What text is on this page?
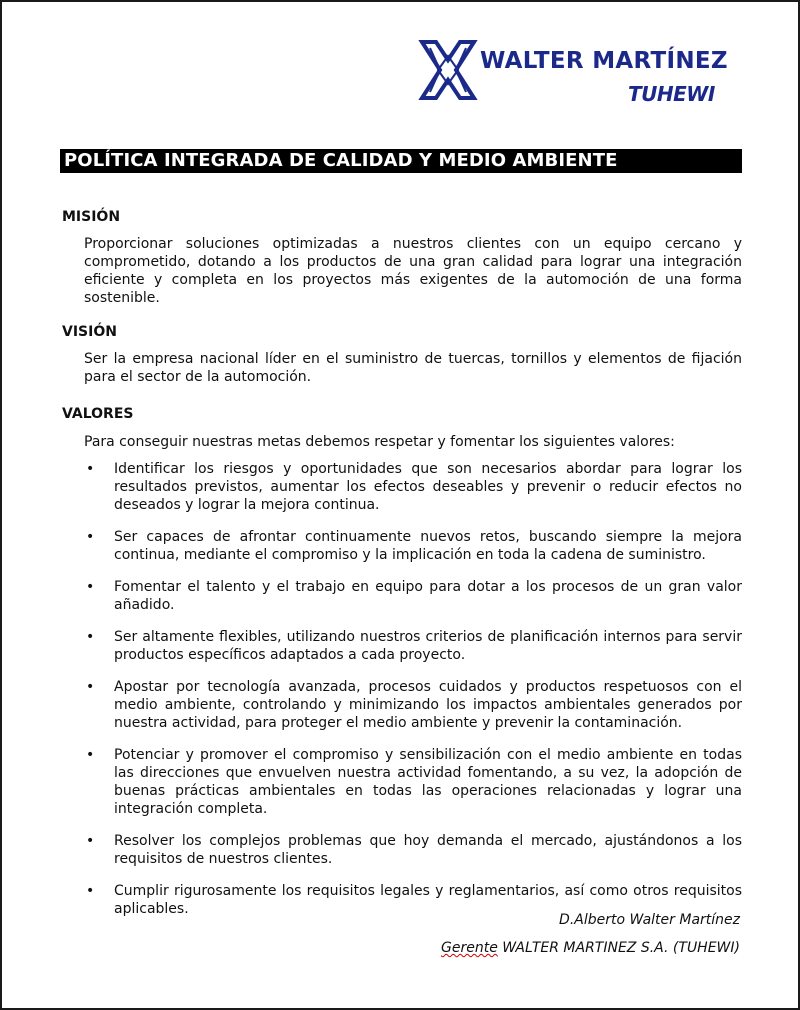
WALTER MARTÍNEZ
TUHEWI
POLÍTICA INTEGRADA DE CALIDAD Y MEDIO AMBIENTE
MISIÓN
Proporcionar soluciones optimizadas a nuestros clientes con un equipo cercano y comprometido, dotando a los productos de una gran calidad para lograr una integración eficiente y completa en los proyectos más exigentes de la automoción de una forma sostenible.
VISIÓN
Ser la empresa nacional líder en el suministro de tuercas, tornillos y elementos de fijación para el sector de la automoción.
VALORES
Para conseguir nuestras metas debemos respetar y fomentar los siguientes valores:
• Identificar los riesgos y oportunidades que son necesarios abordar para lograr los resultados previstos, aumentar los efectos deseables y prevenir o reducir efectos no deseados y lograr la mejora continua.
• Ser capaces de afrontar continuamente nuevos retos, buscando siempre la mejora continua, mediante el compromiso y la implicación en toda la cadena de suministro.
• Fomentar el talento y el trabajo en equipo para dotar a los procesos de un gran valor añadido.
• Ser altamente flexibles, utilizando nuestros criterios de planificación internos para servir productos específicos adaptados a cada proyecto.
• Apostar por tecnología avanzada, procesos cuidados y productos respetuosos con el medio ambiente, controlando y minimizando los impactos ambientales generados por nuestra actividad, para proteger el medio ambiente y prevenir la contaminación.
• Potenciar y promover el compromiso y sensibilización con el medio ambiente en todas las direcciones que envuelven nuestra actividad fomentando, a su vez, la adopción de buenas prácticas ambientales en todas las operaciones relacionadas y lograr una integración completa.
• Resolver los complejos problemas que hoy demanda el mercado, ajustándonos a los requisitos de nuestros clientes.
• Cumplir rigurosamente los requisitos legales y reglamentarios, así como otros requisitos aplicables.
D.Alberto Walter Martínez
Gerente WALTER MARTINEZ S.A. (TUHEWI)
